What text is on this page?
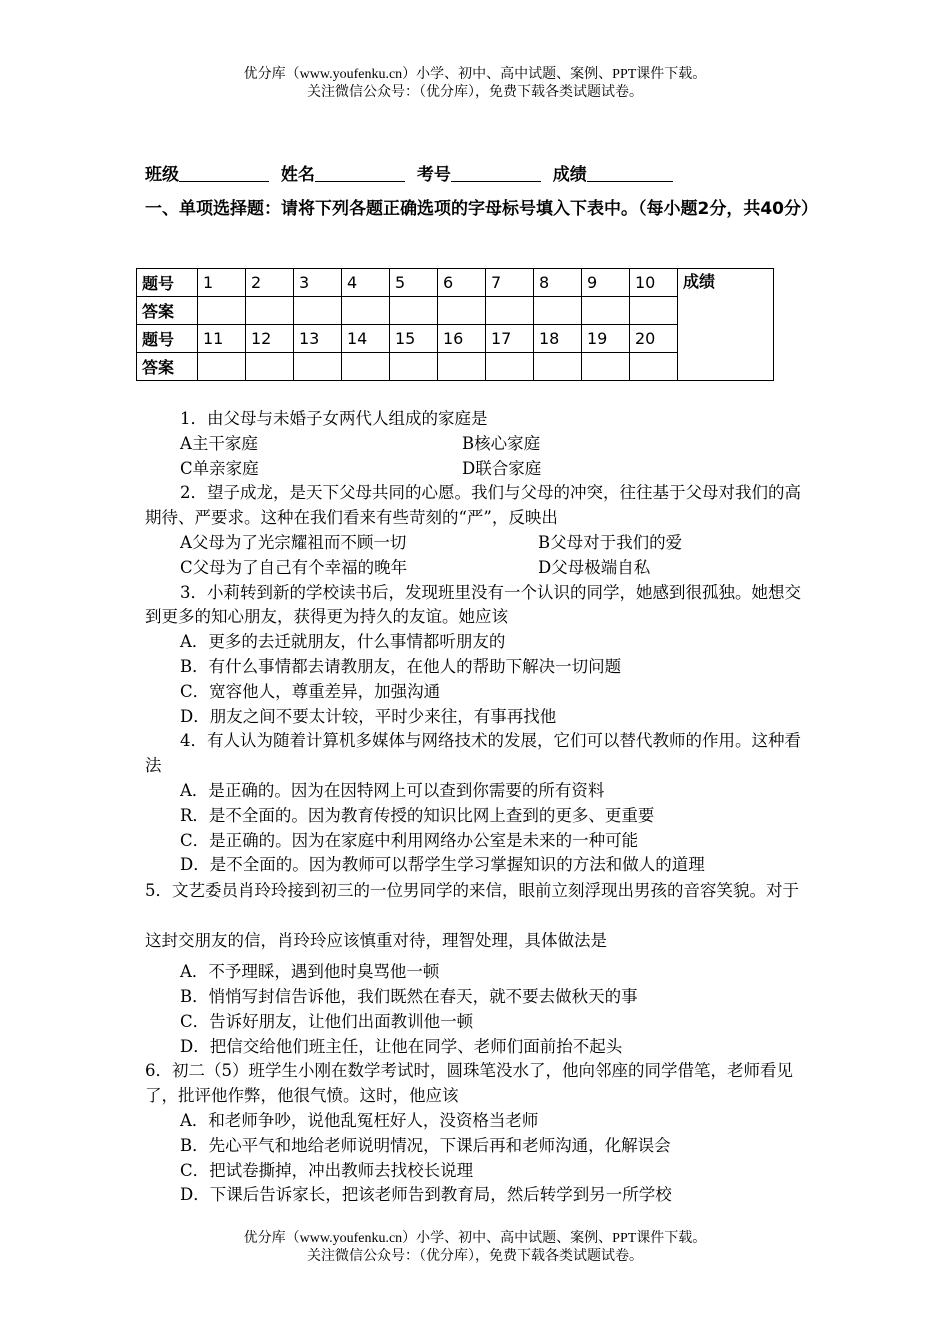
优分库（www.youfenku.cn）小学、初中、高中试题、案例、PPT课件下载。
关注微信公众号：（优分库），免费下载各类试题试卷。
班级	姓名	考号	成绩
一、单项选择题：请将下列各题正确选项的字母标号填入下表中。（每小题2分，共40分）
题号	1	2	3	4	5	6	7	8	9	10	成绩
答案											
题号	11	12	13	14	15	16	17	18	19	20	
答案											

1．由父母与未婚子女两代人组成的家庭是

A主干家庭	B核心家庭
C单亲家庭	D联合家庭

2．望子成龙，是天下父母共同的心愿。我们与父母的冲突，往往基于父母对我们的高期待、严要求。这种在我们看来有些苛刻的“严”，反映出

A父母为了光宗耀祖而不顾一切	B父母对于我们的爱
C父母为了自己有个幸福的晚年	D父母极端自私

3．小莉转到新的学校读书后，发现班里没有一个认识的同学，她感到很孤独。她想交到更多的知心朋友，获得更为持久的友谊。她应该

A．更多的去迁就朋友，什么事情都听朋友的

B．有什么事情都去请教朋友，在他人的帮助下解决一切问题

C．宽容他人，尊重差异，加强沟通

D．朋友之间不要太计较，平时少来往，有事再找他

4．有人认为随着计算机多媒体与网络技术的发展，它们可以替代教师的作用。这种看法

A．是正确的。因为在因特网上可以查到你需要的所有资料

R．是不全面的。因为教育传授的知识比网上查到的更多、更重要

C．是正确的。因为在家庭中利用网络办公室是未来的一种可能

D．是不全面的。因为教师可以帮学生学习掌握知识的方法和做人的道理

5．文艺委员肖玲玲接到初三的一位男同学的来信，眼前立刻浮现出男孩的音容笑貌。对于这封交朋友的信，肖玲玲应该慎重对待，理智处理，具体做法是

A．不予理睬，遇到他时臭骂他一顿

B．悄悄写封信告诉他，我们既然在春天，就不要去做秋天的事

C．告诉好朋友，让他们出面教训他一顿

D．把信交给他们班主任，让他在同学、老师们面前抬不起头

6．初二（5）班学生小刚在数学考试时，圆珠笔没水了，他向邻座的同学借笔，老师看见了，批评他作弊，他很气愤。这时，他应该

A．和老师争吵，说他乱冤枉好人，没资格当老师

B．先心平气和地给老师说明情况，下课后再和老师沟通，化解误会

C．把试卷撕掉，冲出教师去找校长说理

D．下课后告诉家长，把该老师告到教育局，然后转学到另一所学校

优分库（www.youfenku.cn）小学、初中、高中试题、案例、PPT课件下载。
关注微信公众号：（优分库），免费下载各类试题试卷。
